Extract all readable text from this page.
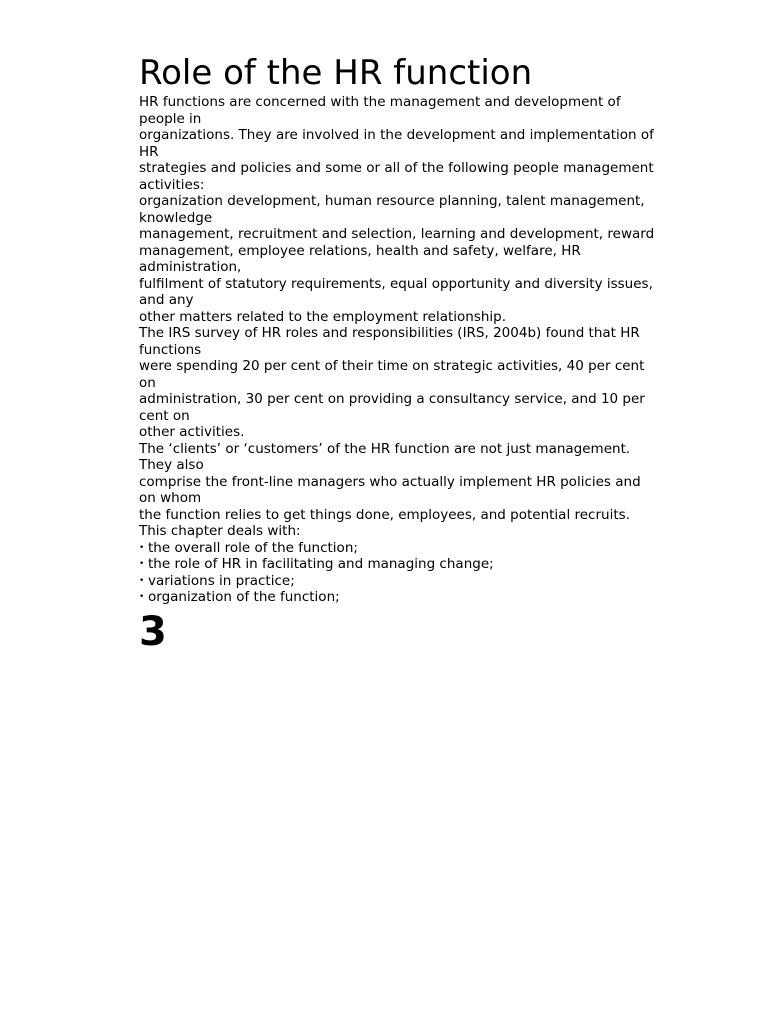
Role of the HR function
HR functions are concerned with the management and development of
people in
organizations. They are involved in the development and implementation of
HR
strategies and policies and some or all of the following people management
activities:
organization development, human resource planning, talent management,
knowledge
management, recruitment and selection, learning and development, reward
management, employee relations, health and safety, welfare, HR
administration,
fulfilment of statutory requirements, equal opportunity and diversity issues,
and any
other matters related to the employment relationship.
The IRS survey of HR roles and responsibilities (IRS, 2004b) found that HR
functions
were spending 20 per cent of their time on strategic activities, 40 per cent
on
administration, 30 per cent on providing a consultancy service, and 10 per
cent on
other activities.
The ‘clients’ or ‘customers’ of the HR function are not just management.
They also
comprise the front-line managers who actually implement HR policies and
on whom
the function relies to get things done, employees, and potential recruits.
This chapter deals with:
• the overall role of the function;
• the role of HR in facilitating and managing change;
• variations in practice;
• organization of the function;
3
